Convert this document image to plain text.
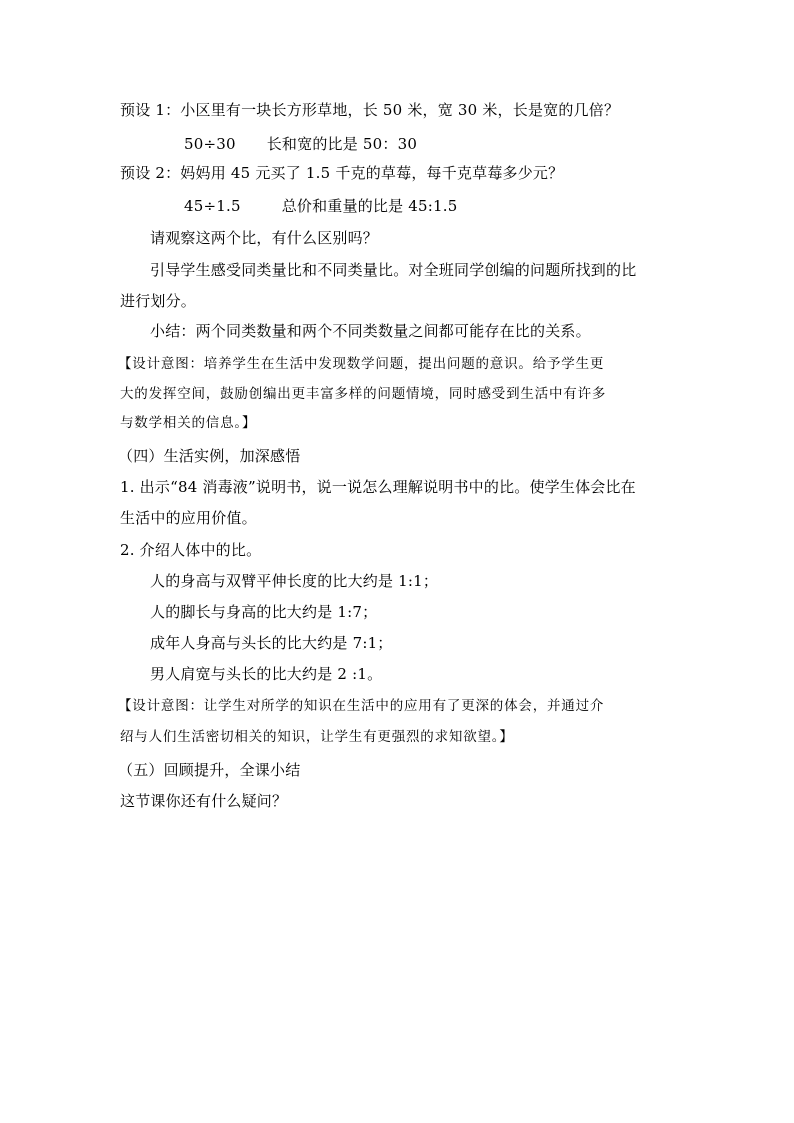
预设 1：小区里有一块长方形草地，长 50 米，宽 30 米，长是宽的几倍？
50÷30 长和宽的比是 50：30
预设 2：妈妈用 45 元买了 1.5 千克的草莓，每千克草莓多少元？
45÷1.5	总价和重量的比是 45:1.5
请观察这两个比，有什么区别吗？
引导学生感受同类量比和不同类量比。对全班同学创编的问题所找到的比
进行划分。
小结：两个同类数量和两个不同类数量之间都可能存在比的关系。
【设计意图：培养学生在生活中发现数学问题，提出问题的意识。给予学生更
大的发挥空间，鼓励创编出更丰富多样的问题情境，同时感受到生活中有许多
与数学相关的信息。】
（四）生活实例，加深感悟
1. 出示“84 消毒液”说明书，说一说怎么理解说明书中的比。使学生体会比在
生活中的应用价值。
2. 介绍人体中的比。
人的身高与双臂平伸长度的比大约是 1:1；
人的脚长与身高的比大约是 1:7；
成年人身高与头长的比大约是 7:1；
男人肩宽与头长的比大约是 2 :1。
【设计意图：让学生对所学的知识在生活中的应用有了更深的体会，并通过介
绍与人们生活密切相关的知识，让学生有更强烈的求知欲望。】
（五）回顾提升，全课小结
这节课你还有什么疑问？
